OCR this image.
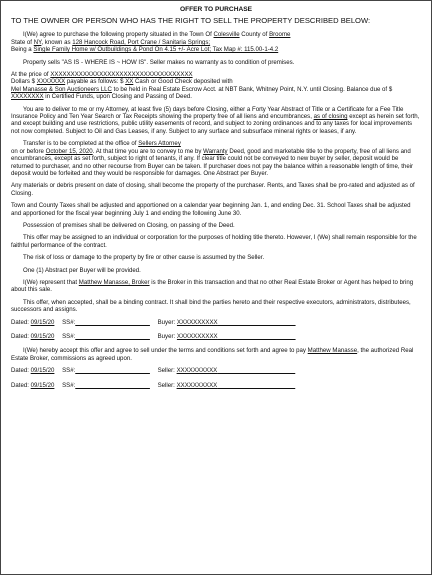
OFFER TO PURCHASE
TO THE OWNER OR PERSON WHO HAS THE RIGHT TO SELL THE PROPERTY DESCRIBED BELOW:

I(We) agree to purchase the following property situated in the Town Of Colesville County of Broome
State of NY, known as 128 Hancock Road, Port Crane / Sanitaria Springs;
Being a Single Family Home w/ Outbuildings & Pond On 4.15 +/- Acre Lot; Tax Map #: 115.00-1-4.2

Property sells "AS IS - WHERE IS ~ HOW IS". Seller makes no warranty as to condition of premises.

At the price of XXXXXXXXXXXXXXXXXXXXXXXXXXXXXXXXXXX
Dollars $ XXXXXXX payable as follows: $ XX Cash or Good Check deposited with
Mel Manasse & Son Auctioneers LLC to be held in Real Estate Escrow Acct. at NBT Bank, Whitney Point, N.Y. until Closing. Balance due of $ XXXXXXXX in Certified Funds, upon Closing and Passing of Deed.

You are to deliver to me or my Attorney, at least five (5) days before Closing, either a Forty Year Abstract of Title or a Certificate for a Fee Title Insurance Policy and Ten Year Search or Tax Receipts showing the property free of all liens and encumbrances, as of closing except as herein set forth, and except building and use restrictions, public utility easements of record, and subject to zoning ordinances and to any taxes for local improvements not now completed. Subject to Oil and Gas Leases, if any. Subject to any surface and subsurface mineral rights or leases, if any.

Transfer is to be completed at the office of Sellers Attorney
on or before October 15, 2020. At that time you are to convey to me by Warranty Deed, good and marketable title to the property, free of all liens and encumbrances, except as set forth, subject to right of tenants, if any. If clear title could not be conveyed to new buyer by seller, deposit would be returned to purchaser, and no other recourse from Buyer can be taken. If purchaser does not pay the balance within a reasonable length of time, their deposit would be forfeited and they would be responsible for damages. One Abstract per Buyer.

Any materials or debris present on date of closing, shall become the property of the purchaser. Rents, and Taxes shall be pro-rated and adjusted as of Closing.

Town and County Taxes shall be adjusted and apportioned on a calendar year beginning Jan. 1, and ending Dec. 31. School Taxes shall be adjusted and apportioned for the fiscal year beginning July 1 and ending the following June 30.

Possession of premises shall be delivered on Closing, on passing of the Deed.

This offer may be assigned to an individual or corporation for the purposes of holding title thereto. However, I (We) shall remain responsible for the faithful performance of the contract.

The risk of loss or damage to the property by fire or other cause is assumed by the Seller.

One (1) Abstract per Buyer will be provided.

I(We) represent that Matthew Manasse, Broker is the Broker in this transaction and that no other Real Estate Broker or Agent has helped to bring about this sale.

This offer, when accepted, shall be a binding contract. It shall bind the parties hereto and their respective executors, administrators, distributees, successors and assigns.

Dated: 09/15/20 SS#:______________________ Buyer: XXXXXXXXXX_______________________
Dated: 09/15/20 SS#:______________________ Buyer: XXXXXXXXXX_______________________

I(We) hereby accept this offer and agree to sell under the terms and conditions set forth and agree to pay Matthew Manasse, the authorized Real Estate Broker, commissions as agreed upon.

Dated: 09/15/20 SS#:______________________ Seller: XXXXXXXXXX_______________________
Dated: 09/15/20 SS#:______________________ Seller: XXXXXXXXXX_______________________
